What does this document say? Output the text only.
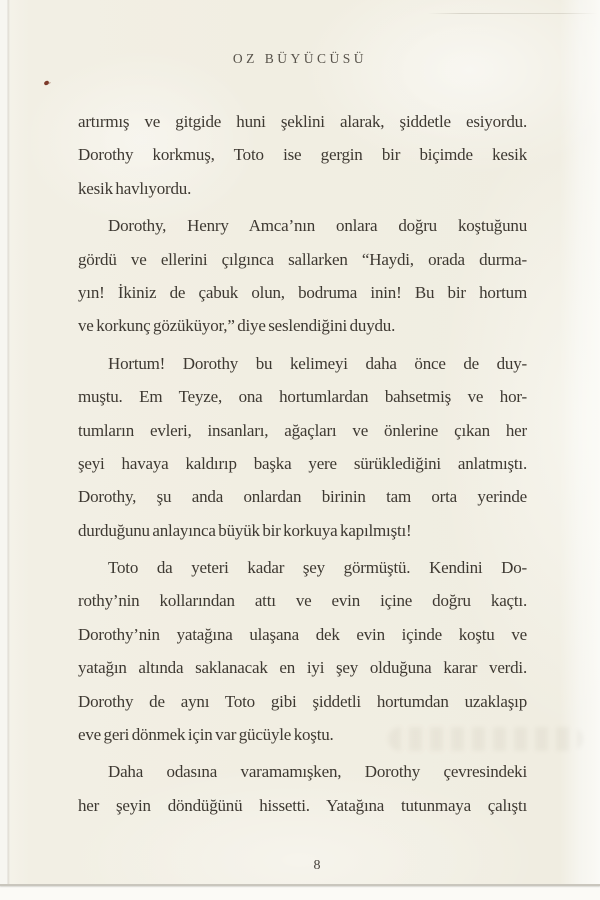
OZ BÜYÜCÜSÜ
artırmış ve gitgide huni şeklini alarak, şiddetle esiyordu.
Dorothy korkmuş, Toto ise gergin bir biçimde kesik
kesik havlıyordu.
Dorothy, Henry Amca’nın onlara doğru koştuğunu
gördü ve ellerini çılgınca sallarken “Haydi, orada durma-
yın! İkiniz de çabuk olun, bodruma inin! Bu bir hortum
ve korkunç gözüküyor,” diye seslendiğini duydu.
Hortum! Dorothy bu kelimeyi daha önce de duy-
muştu. Em Teyze, ona hortumlardan bahsetmiş ve hor-
tumların evleri, insanları, ağaçları ve önlerine çıkan her
şeyi havaya kaldırıp başka yere sürüklediğini anlatmıştı.
Dorothy, şu anda onlardan birinin tam orta yerinde
durduğunu anlayınca büyük bir korkuya kapılmıştı!
Toto da yeteri kadar şey görmüştü. Kendini Do-
rothy’nin kollarından attı ve evin içine doğru kaçtı.
Dorothy’nin yatağına ulaşana dek evin içinde koştu ve
yatağın altında saklanacak en iyi şey olduğuna karar verdi.
Dorothy de aynı Toto gibi şiddetli hortumdan uzaklaşıp
eve geri dönmek için var gücüyle koştu.
Daha odasına varamamışken, Dorothy çevresindeki
her şeyin döndüğünü hissetti. Yatağına tutunmaya çalıştı
8
